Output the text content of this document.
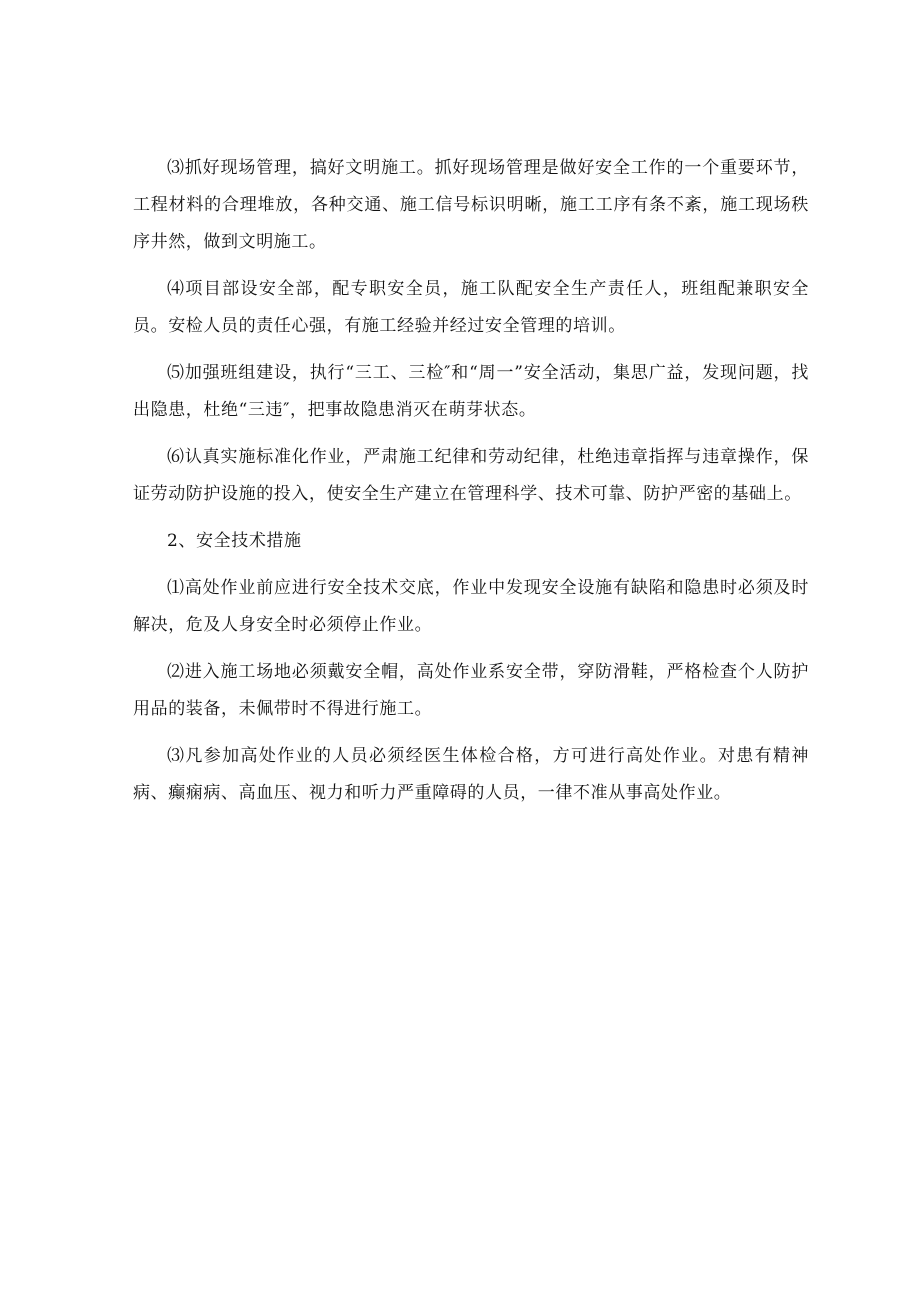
⑶抓好现场管理，搞好文明施工。抓好现场管理是做好安全工作的一个重要环节，工程材料的合理堆放，各种交通、施工信号标识明晰，施工工序有条不紊，施工现场秩序井然，做到文明施工。

⑷项目部设安全部，配专职安全员，施工队配安全生产责任人，班组配兼职安全员。安检人员的责任心强，有施工经验并经过安全管理的培训。

⑸加强班组建设，执行“三工、三检″和“周一”安全活动，集思广益，发现问题，找出隐患，杜绝“三违″，把事故隐患消灭在萌芽状态。

⑹认真实施标准化作业，严肃施工纪律和劳动纪律，杜绝违章指挥与违章操作，保证劳动防护设施的投入，使安全生产建立在管理科学、技术可靠、防护严密的基础上。

2、安全技术措施

⑴高处作业前应进行安全技术交底，作业中发现安全设施有缺陷和隐患时必须及时解决，危及人身安全时必须停止作业。

⑵进入施工场地必须戴安全帽，高处作业系安全带，穿防滑鞋，严格检查个人防护用品的装备，未佩带时不得进行施工。

⑶凡参加高处作业的人员必须经医生体检合格，方可进行高处作业。对患有精神病、癫痫病、高血压、视力和听力严重障碍的人员，一律不准从事高处作业。
